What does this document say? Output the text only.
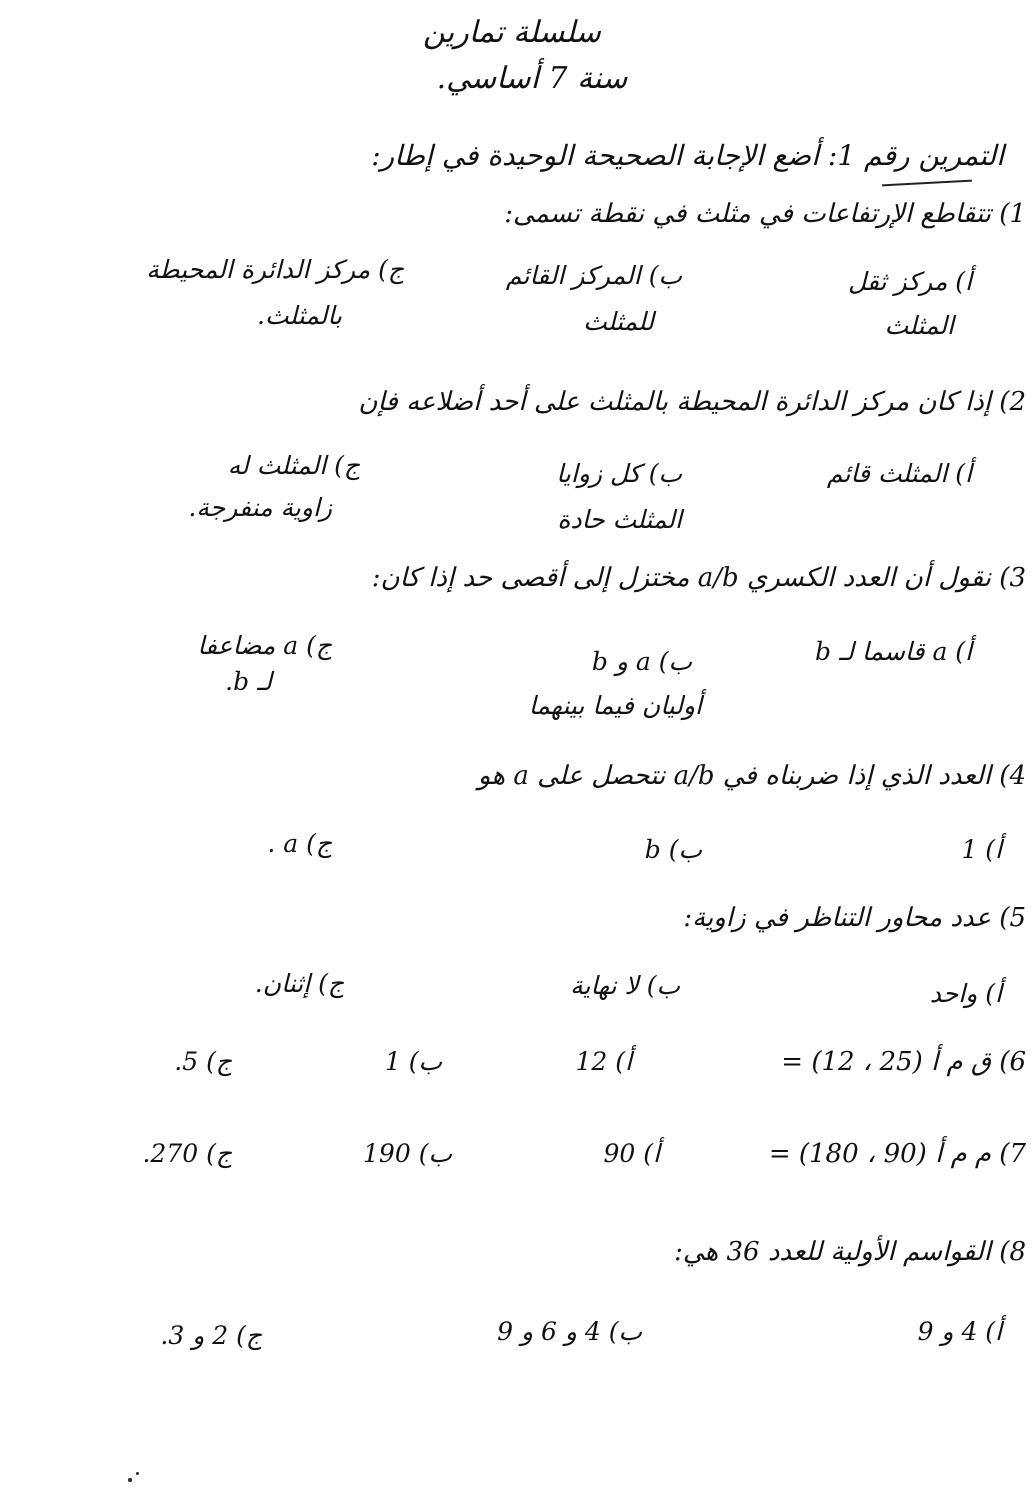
سلسلة تمارين
سنة 7 أساسي.
التمرين رقم 1: أضع الإجابة الصحيحة الوحيدة في إطار:
1) تتقاطع الإرتفاعات في مثلث في نقطة تسمى:
أ) مركز ثقل
المثلث
ب) المركز القائم
للمثلث
ج) مركز الدائرة المحيطة
بالمثلث.
2) إذا كان مركز الدائرة المحيطة بالمثلث على أحد أضلاعه فإن
أ) المثلث قائم
ب) كل زوايا
المثلث حادة
ج) المثلث له
زاوية منفرجة.
3) نقول أن العدد الكسري a/b مختزل إلى أقصى حد إذا كان:
أ) a قاسما لـ b
ب) a و b
أوليان فيما بينهما
ج) a مضاعفا
لـ b.
4) العدد الذي إذا ضربناه في a/b نتحصل على a هو
أ) 1
ب) b
ج) a .
5) عدد محاور التناظر في زاوية:
أ) واحد
ب) لا نهاية
ج) إثنان.
6) ق م أ (25 ، 12) =
أ) 12
ب) 1
ج) 5.
7) م م أ (90 ، 180) =
أ) 90
ب) 190
ج) 270.
8) القواسم الأولية للعدد 36 هي:
أ) 4 و 9
ب) 4 و 6 و 9
ج) 2 و 3.
